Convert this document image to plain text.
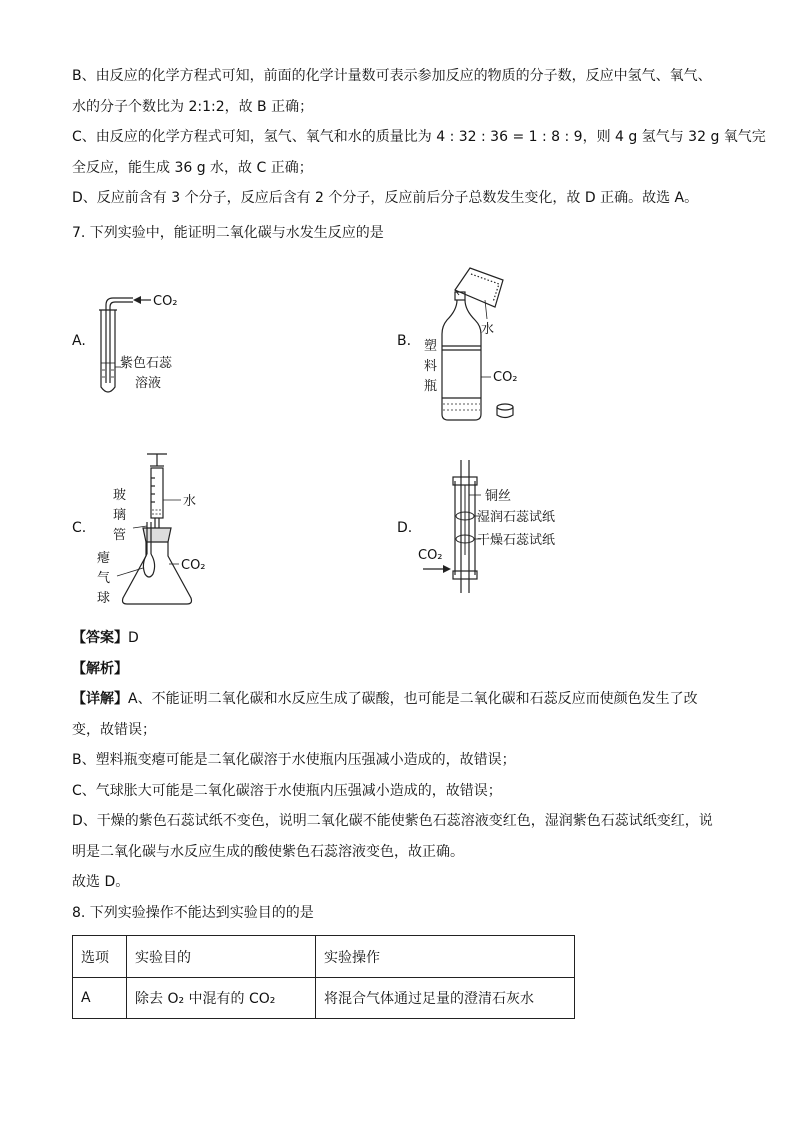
B、由反应的化学方程式可知，前面的化学计量数可表示参加反应的物质的分子数，反应中氢气、氧气、
水的分子个数比为 2:1:2，故 B 正确；
C、由反应的化学方程式可知，氢气、氧气和水的质量比为 4 : 32 : 36 = 1 : 8 : 9，则 4 g 氢气与 32 g 氧气完
全反应，能生成 36 g 水，故 C 正确；
D、反应前含有 3 个分子，反应后含有 2 个分子，反应前后分子总数发生变化，故 D 正确。故选 A。
7. 下列实验中，能证明二氧化碳与水发生反应的是
A.
CO₂
紫色石蕊
溶液
B.
水
塑
料
瓶
CO₂
C.
水
玻
璃
管
瘪
气
球
CO₂
D.
铜丝
湿润石蕊试纸
干燥石蕊试纸
CO₂
【答案】D
【解析】
【详解】A、不能证明二氧化碳和水反应生成了碳酸，也可能是二氧化碳和石蕊反应而使颜色发生了改
变，故错误；
B、塑料瓶变瘪可能是二氧化碳溶于水使瓶内压强减小造成的，故错误；
C、气球胀大可能是二氧化碳溶于水使瓶内压强减小造成的，故错误；
D、干燥的紫色石蕊试纸不变色，说明二氧化碳不能使紫色石蕊溶液变红色，湿润紫色石蕊试纸变红，说
明是二氧化碳与水反应生成的酸使紫色石蕊溶液变色，故正确。
故选 D。
8. 下列实验操作不能达到实验目的的是
选项	实验目的	实验操作
A	除去 O₂ 中混有的 CO₂	将混合气体通过足量的澄清石灰水
